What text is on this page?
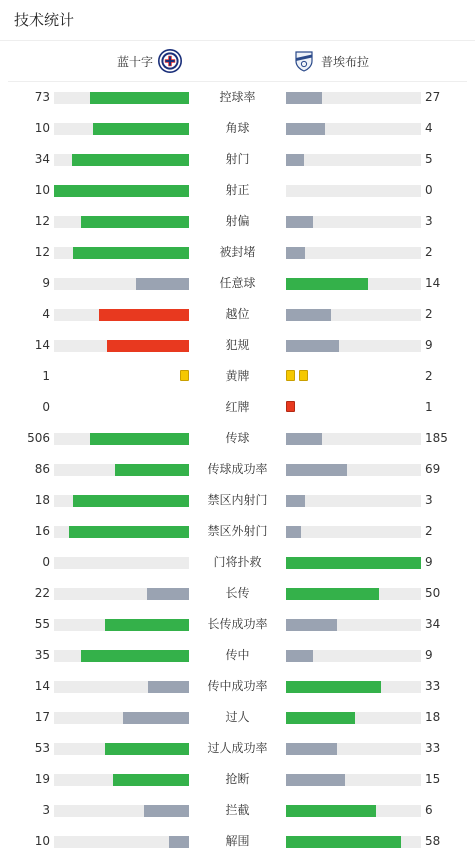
技术统计
蓝十字	普埃布拉
73	控球率	27
10	角球	4
34	射门	5
10	射正	0
12	射偏	3
12	被封堵	2
9	任意球	14
4	越位	2
14	犯规	9
1	黄牌	2
0	红牌	1
506	传球	185
86	传球成功率	69
18	禁区内射门	3
16	禁区外射门	2
0	门将扑救	9
22	长传	50
55	长传成功率	34
35	传中	9
14	传中成功率	33
17	过人	18
53	过人成功率	33
19	抢断	15
3	拦截	6
10	解围	58
